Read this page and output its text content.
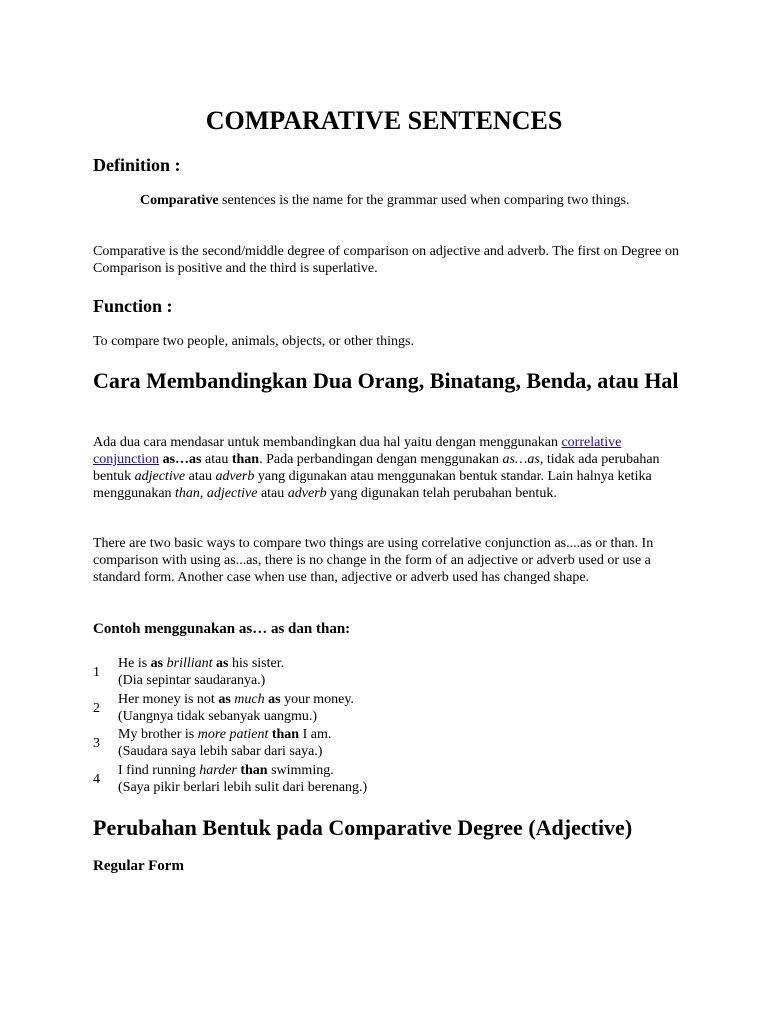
COMPARATIVE SENTENCES
Definition :

Comparative sentences is the name for the grammar used when comparing two things.

Comparative is the second/middle degree of comparison on adjective and adverb. The first on Degree on Comparison is positive and the third is superlative.

Function :

To compare two people, animals, objects, or other things.

Cara Membandingkan Dua Orang, Binatang, Benda, atau Hal

Ada dua cara mendasar untuk membandingkan dua hal yaitu dengan menggunakan correlative conjunction as…as atau than. Pada perbandingan dengan menggunakan as…as, tidak ada perubahan bentuk adjective atau adverb yang digunakan atau menggunakan bentuk standar. Lain halnya ketika menggunakan than, adjective atau adverb yang digunakan telah perubahan bentuk.

There are two basic ways to compare two things are using correlative conjunction as....as or than. In comparison with using as...as, there is no change in the form of an adjective or adverb used or use a standard form. Another case when use than, adjective or adverb used has changed shape.

Contoh menggunakan as… as dan than:
1
He is as brilliant as his sister.
(Dia sepintar saudaranya.)
2
Her money is not as much as your money.
(Uangnya tidak sebanyak uangmu.)
3
My brother is more patient than I am.
(Saudara saya lebih sabar dari saya.)
4
I find running harder than swimming.
(Saya pikir berlari lebih sulit dari berenang.)
Perubahan Bentuk pada Comparative Degree (Adjective)
Regular Form
